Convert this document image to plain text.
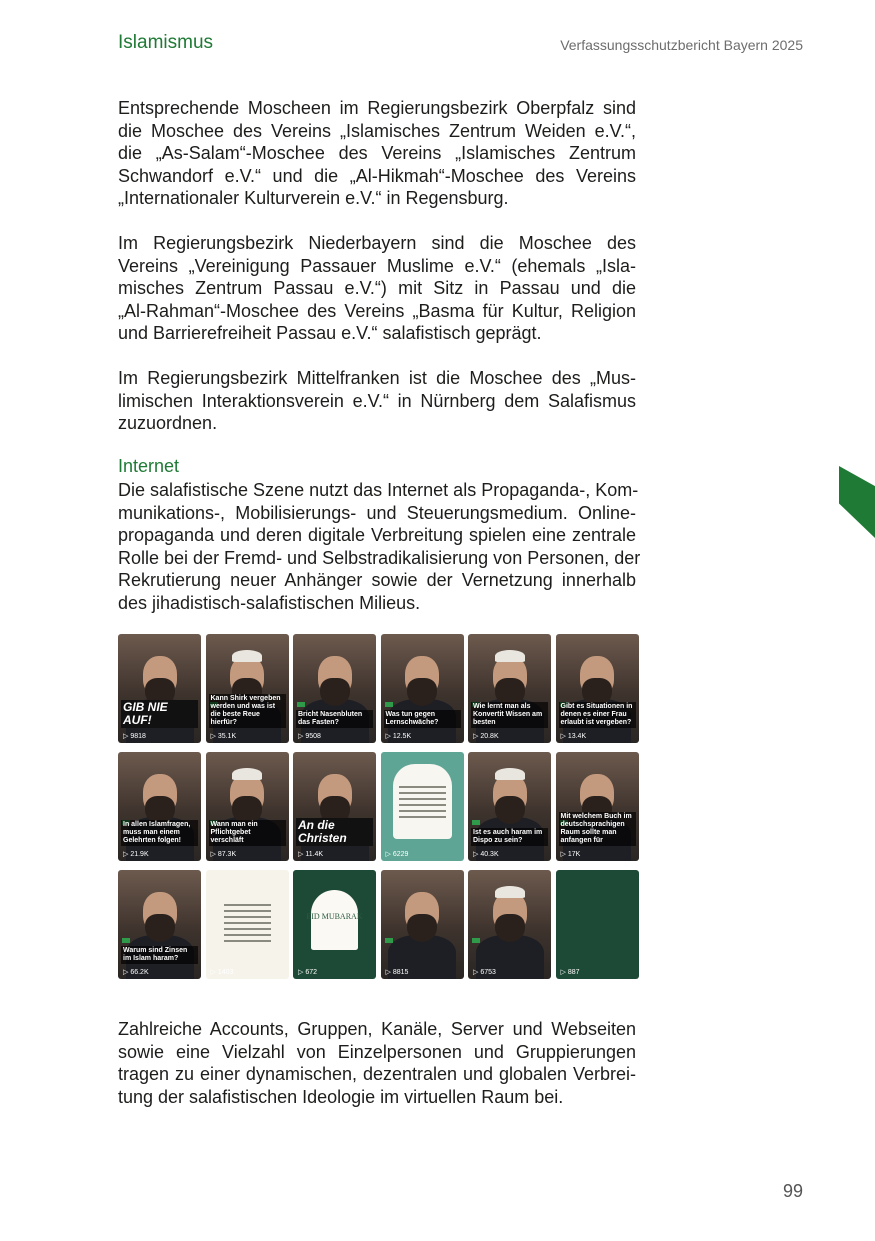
Islamismus	Verfassungsschutzbericht Bayern 2025
Entsprechende Moscheen im Regierungsbezirk Oberpfalz sind
die Moschee des Vereins „Islamisches Zentrum Weiden e.V.“,
die „As-Salam“-Moschee des Vereins „Islamisches Zentrum
Schwandorf e.V.“ und die „Al-Hikmah“-Moschee des Vereins
„Internationaler Kulturverein e.V.“ in Regensburg.
Im Regierungsbezirk Niederbayern sind die Moschee des
Vereins „Vereinigung Passauer Muslime e.V.“ (ehemals „Isla-
misches Zentrum Passau e.V.“) mit Sitz in Passau und die
„Al-Rahman“-Moschee des Vereins „Basma für Kultur, Religion
und Barrierefreiheit Passau e.V.“ salafistisch geprägt.
Im Regierungsbezirk Mittelfranken ist die Moschee des „Mus-
limischen Interaktionsverein e.V.“ in Nürnberg dem Salafismus
zuzuordnen.
Internet
Die salafistische Szene nutzt das Internet als Propaganda-, Kom-
munikations-, Mobilisierungs- und Steuerungsmedium. Online-
propaganda und deren digitale Verbreitung spielen eine zentrale
Rolle bei der Fremd- und Selbstradikalisierung von Personen, der
Rekrutierung neuer Anhänger sowie der Vernetzung innerhalb
des jihadistisch-salafistischen Milieus.
GIB NIE AUF!
▷ 9818
Kann Shirk vergeben werden und was ist die beste Reue hierfür?
▷ 35.1K
Bricht Nasenbluten das Fasten?
▷ 9508
Was tun gegen Lernschwäche?
▷ 12.5K
Wie lernt man als Konvertit Wissen am besten
▷ 20.8K
Gibt es Situationen in denen es einer Frau erlaubt ist vergeben?
▷ 13.4K
In allen Islamfragen, muss man einem Gelehrten folgen!
▷ 21.9K
Wann man ein Pflichtgebet verschläft
▷ 87.3K
An die Christen
▷ 11.4K	▷ 6229
Ist es auch haram im Dispo zu sein?
▷ 40.3K
Mit welchem Buch im deutschsprachigen Raum sollte man anfangen für
▷ 17K
Warum sind Zinsen im Islam haram?
▷ 66.2K	▷ 1403
EID MUBARAK
▷ 672	▷ 8815	▷ 6753	▷ 887
Zahlreiche Accounts, Gruppen, Kanäle, Server und Webseiten
sowie eine Vielzahl von Einzelpersonen und Gruppierungen
tragen zu einer dynamischen, dezentralen und globalen Verbrei-
tung der salafistischen Ideologie im virtuellen Raum bei.
99
